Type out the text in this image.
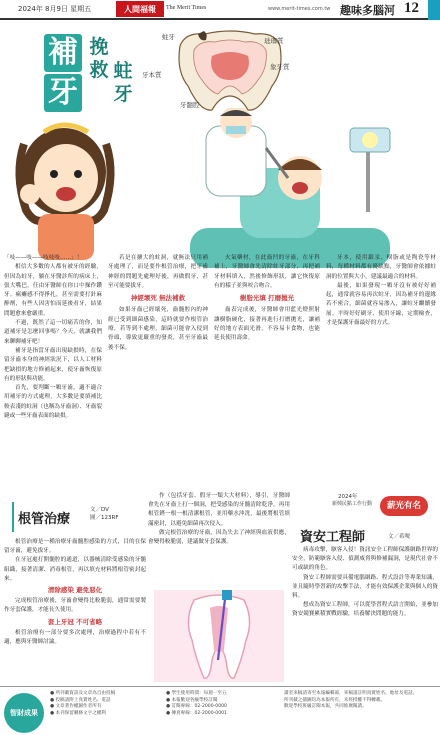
2024年 8月9日 星期五	人間福報	The Merit Times	www.merit-times.com.tw 趣味多腦河 12
補
牙
挽救 蛀牙
蛀牙	琺瑯質
象牙質
牙本質
牙髓腔

「吱——吱——吱吱吱……」！

相信大多數的人都有被牙的經驗，但因為蛀牙，躺在牙醫診所的病床上，張大嘴巴，任由牙醫師在你口中操作鑽牙。瘋癱感不得掙扎，甚至需要打針麻醉劑，有些人因害怕而延後看牙，結果問題愈來愈嚴重。

不過，既然了這一切痛苦的你，知道補牙是怎麼回事嗎？今天，就讓我們來聊聊補牙吧！

補牙是指當牙齒出現缺損時，在保留牙齒本身的神經狀況下，以人工材料把缺損的地方修補起來，使牙齒恢復原有的形狀與功能。

首先，要判斷一顆牙齒，適不適合用補牙的方式處理，大多數是要填補比較表淺的蛀洞（也稱為牙齒洞）、牙齒裂縫或一些牙齒表面的缺損。

若是在擴大的蛀洞，就無法只用補牙處理了，而是要作根管治療，把牙齒神經的問題先處理好後，再做假牙，甚至可能要拔牙。

神經壞死 無法補救

如果牙齒已經壞死，齒髓腔內的神經已受到細菌感染，這時就要作根管治療，若等到不處理，細菌可能會入侵到骨頭，導致更嚴重的發炎，甚至牙齒最後不保。

火氣藥材，在此齒凹的牙齒，在牙科補上，牙醫師會先清除蛀牙部分，再把補牙材料填入，然後修飾形狀，讓它恢復原有的樣子並與咬合吻合。

樹脂光填 打磨拋光

齒表完成後，牙醫師會用藍光燈照射讓樹脂硬化，接著再進行打磨拋光，讓補好的地方表面光滑，不容易卡食物，也能延長使用壽命。

牙本，使用銀汞、樹脂或是陶瓷等材料，每種材料都有優缺點，牙醫師會依據蛀洞的位置與大小，建議最適合的材料。

最後，如果發現一顆牙沒有被好好補起，通常就容易再次蛀牙，因為補牙的邊緣若不密合，細菌就容易滲入，讓蛀牙繼續發展。平時好好刷牙、使用牙線，定期檢查，才是保護牙齒最好的方式。

2024年
新興民點工作行動	薪光有名
根管治療
文／DV
圖／123RF

根管治療是一種治療牙齒髓腔感染的方式，目的在保留牙齒，避免拔牙。

在牙冠處打開髓腔的通道，以器械清除受感染的牙髓組織，接著清潔、消毒根管，再以填充材料將根管密封起來。

清除感染 避免惡化

完成根管治療後，牙齒會變得比較脆弱，通常需要製作牙套保護，才能長久使用。

套上牙冠 不可省略

根管治療有一部分要多次處理，治療過程中若有不適，應與牙醫師討論。

作（包括牙套、假牙一類大大材料），導引，牙醫師會先在牙齒上打一個洞，把受感染的牙髓清除乾淨，再用根管銼一根一根清潔根管，並用藥水沖洗，最後將根管填滿密封，以避免細菌再次侵入。

做完根管治療的牙齒，因為失去了神經與血液供應，會變得較脆弱，建議做牙套保護。	資安工程師	文／希嗄

病毒攻擊，駭客入侵！資訊安全工程師保護網路世界的安全，防範駭客入侵、偵測威脅與修補漏洞，是現代社會不可或缺的角色。

資安工程師需要具備電腦網路、程式設計等專業知識，並且隨時學習新的攻擊手法，才能有效保護企業與個人的資料。

想成為資安工程師，可以從學習程式語言開始，並參加資安競賽累積實戰經驗，培養解決問題的能力。

智財成果
● 所刊載資訊及文章為自由投稿
● 投稿請附上真實姓名、電話
● 文章著作權歸作者所有
● 本刊保留刪修文字之權利
● 學生使用時間：每週一至五
● 本報歡迎各級學校訂閱
● 訂閱專線：02-2000-0000
● 傳真專線：02-2000-0001
讀者來稿請寄至本報編輯部，來稿請註明真實姓名、地址及電話。
所刊載之插圖均為本報所有，未經授權不得轉載。
歡迎學校班級訂閱本報，共同推廣閱讀。
